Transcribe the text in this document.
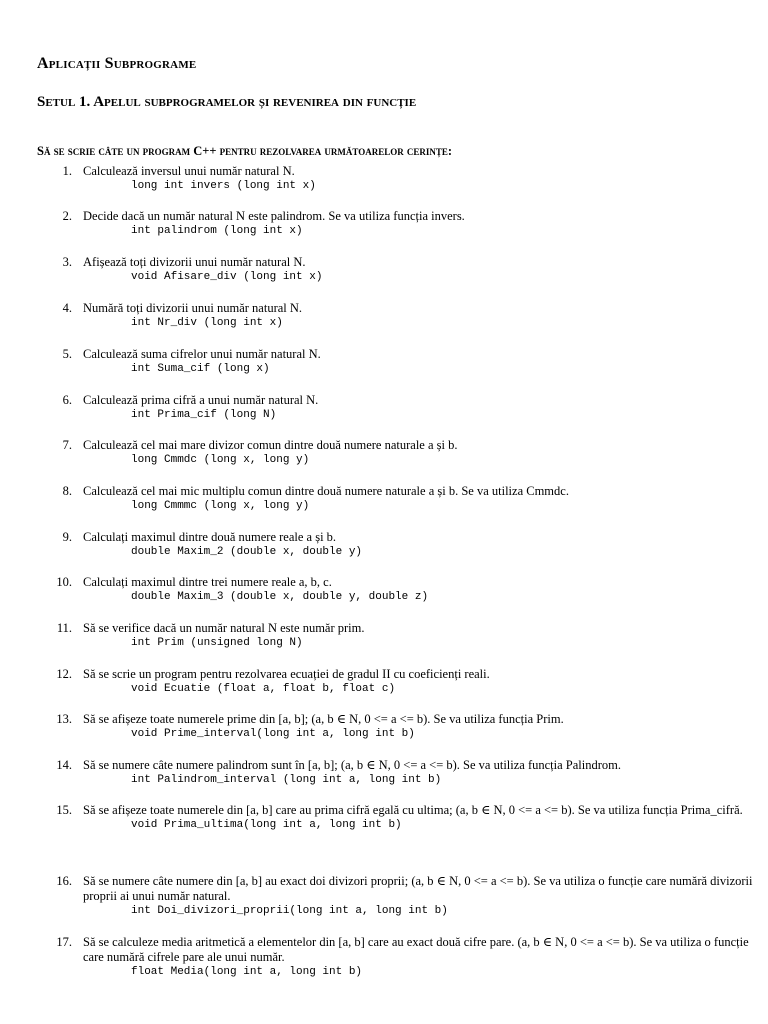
Aplicații Subprograme
Setul 1. Apelul subprogramelor și revenirea din funcție
Să se scrie câte un program C++ pentru rezolvarea următoarelor cerințe:
1. Calculează inversul unui număr natural N.
long int invers (long int x)
2. Decide dacă un număr natural N este palindrom. Se va utiliza funcția invers.
int palindrom (long int x)
3. Afișează toți divizorii unui număr natural N.
void Afisare_div (long int x)
4. Numără toți divizorii unui număr natural N.
int Nr_div (long int x)
5. Calculează suma cifrelor unui număr natural N.
int Suma_cif (long x)
6. Calculează prima cifră a unui număr natural N.
int Prima_cif (long N)
7. Calculează cel mai mare divizor comun dintre două numere naturale a și b.
long Cmmdc (long x, long y)
8. Calculează cel mai mic multiplu comun dintre două numere naturale a și b. Se va utiliza Cmmdc.
long Cmmmc (long x, long y)
9. Calculați maximul dintre două numere reale a și b.
double Maxim_2 (double x, double y)
10. Calculați maximul dintre trei numere reale a, b, c.
double Maxim_3 (double x, double y, double z)
11. Să se verifice dacă un număr natural N este număr prim.
int Prim (unsigned long N)
12. Să se scrie un program pentru rezolvarea ecuației de gradul II cu coeficienți reali.
void Ecuatie (float a, float b, float c)
13. Să se afișeze toate numerele prime din [a, b]; (a, b ∈ N, 0 <= a <= b). Se va utiliza funcția Prim.
void Prime_interval(long int a, long int b)
14. Să se numere câte numere palindrom sunt în [a, b]; (a, b ∈ N, 0 <= a <= b). Se va utiliza funcția Palindrom.
int Palindrom_interval (long int a, long int b)
15. Să se afișeze toate numerele din [a, b] care au prima cifră egală cu ultima; (a, b ∈ N, 0 <= a <= b). Se va utiliza funcția Prima_cifră.
void Prima_ultima(long int a, long int b)
16. Să se numere câte numere din [a, b] au exact doi divizori proprii; (a, b ∈ N, 0 <= a <= b). Se va utiliza o funcție care numără divizorii proprii ai unui număr natural.
int Doi_divizori_proprii(long int a, long int b)
17. Să se calculeze media aritmetică a elementelor din [a, b] care au exact două cifre pare. (a, b ∈ N, 0 <= a <= b). Se va utiliza o funcție care numără cifrele pare ale unui număr.
float Media(long int a, long int b)
